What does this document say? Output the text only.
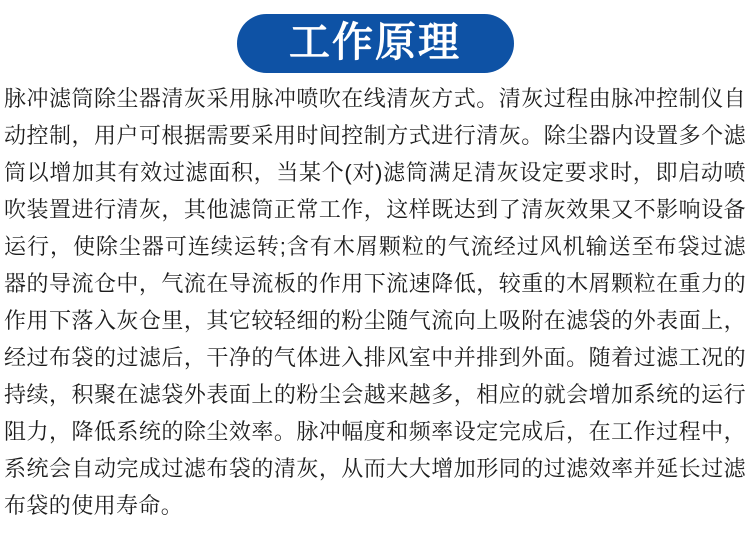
工作原理

脉冲滤筒除尘器清灰采用脉冲喷吹在线清灰方式。清灰过程由脉冲控制仪自动控制，用户可根据需要采用时间控制方式进行清灰。除尘器内设置多个滤筒以增加其有效过滤面积，当某个(对)滤筒满足清灰设定要求时，即启动喷吹装置进行清灰，其他滤筒正常工作，这样既达到了清灰效果又不影响设备运行，使除尘器可连续运转;含有木屑颗粒的气流经过风机输送至布袋过滤器的导流仓中，气流在导流板的作用下流速降低，较重的木屑颗粒在重力的作用下落入灰仓里，其它较轻细的粉尘随气流向上吸附在滤袋的外表面上，经过布袋的过滤后，干净的气体进入排风室中并排到外面。随着过滤工况的持续，积聚在滤袋外表面上的粉尘会越来越多，相应的就会增加系统的运行阻力，降低系统的除尘效率。脉冲幅度和频率设定完成后，在工作过程中，系统会自动完成过滤布袋的清灰，从而大大增加形同的过滤效率并延长过滤布袋的使用寿命。
